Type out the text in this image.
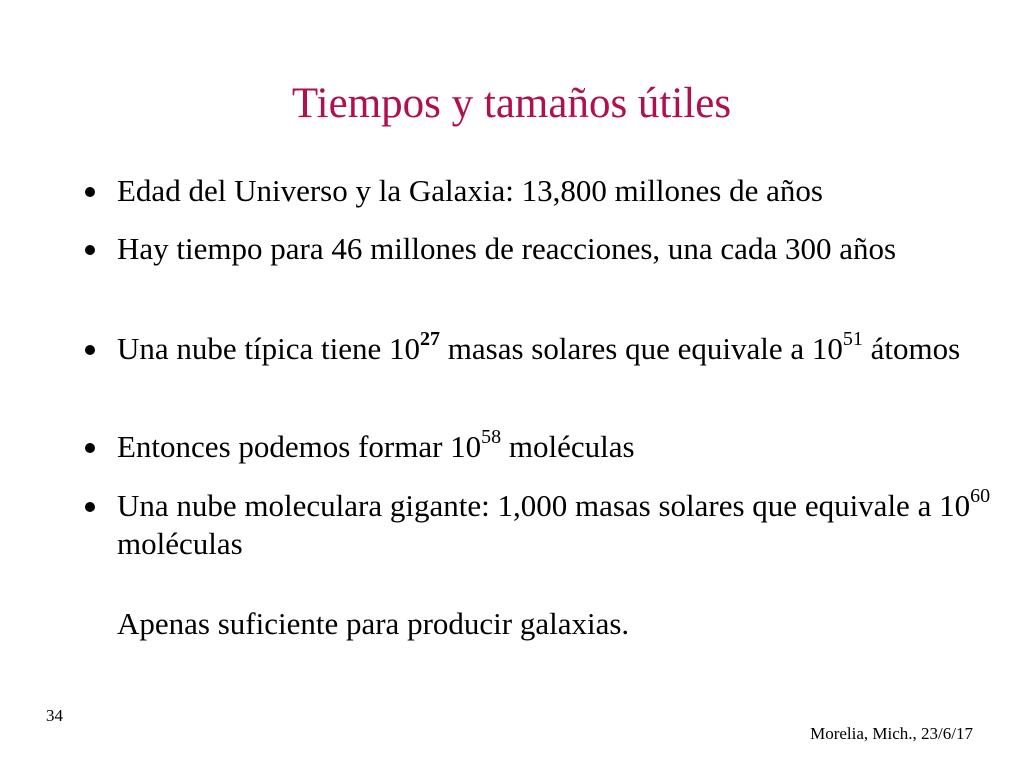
Tiempos y tamaños útiles
Edad del Universo y la Galaxia: 13,800 millones de años
Hay tiempo para 46 millones de reacciones, una cada 300 años
Una nube típica tiene $10^{27}$ masas solares que equivale a $10^{51}$ átomos
Entonces podemos formar $10^{58}$ moléculas
Una nube moleculara gigante: 1,000 masas solares que equivale a $10^{60}$ moléculas
Apenas suficiente para producir galaxias.
34
Morelia, Mich., 23/6/17
